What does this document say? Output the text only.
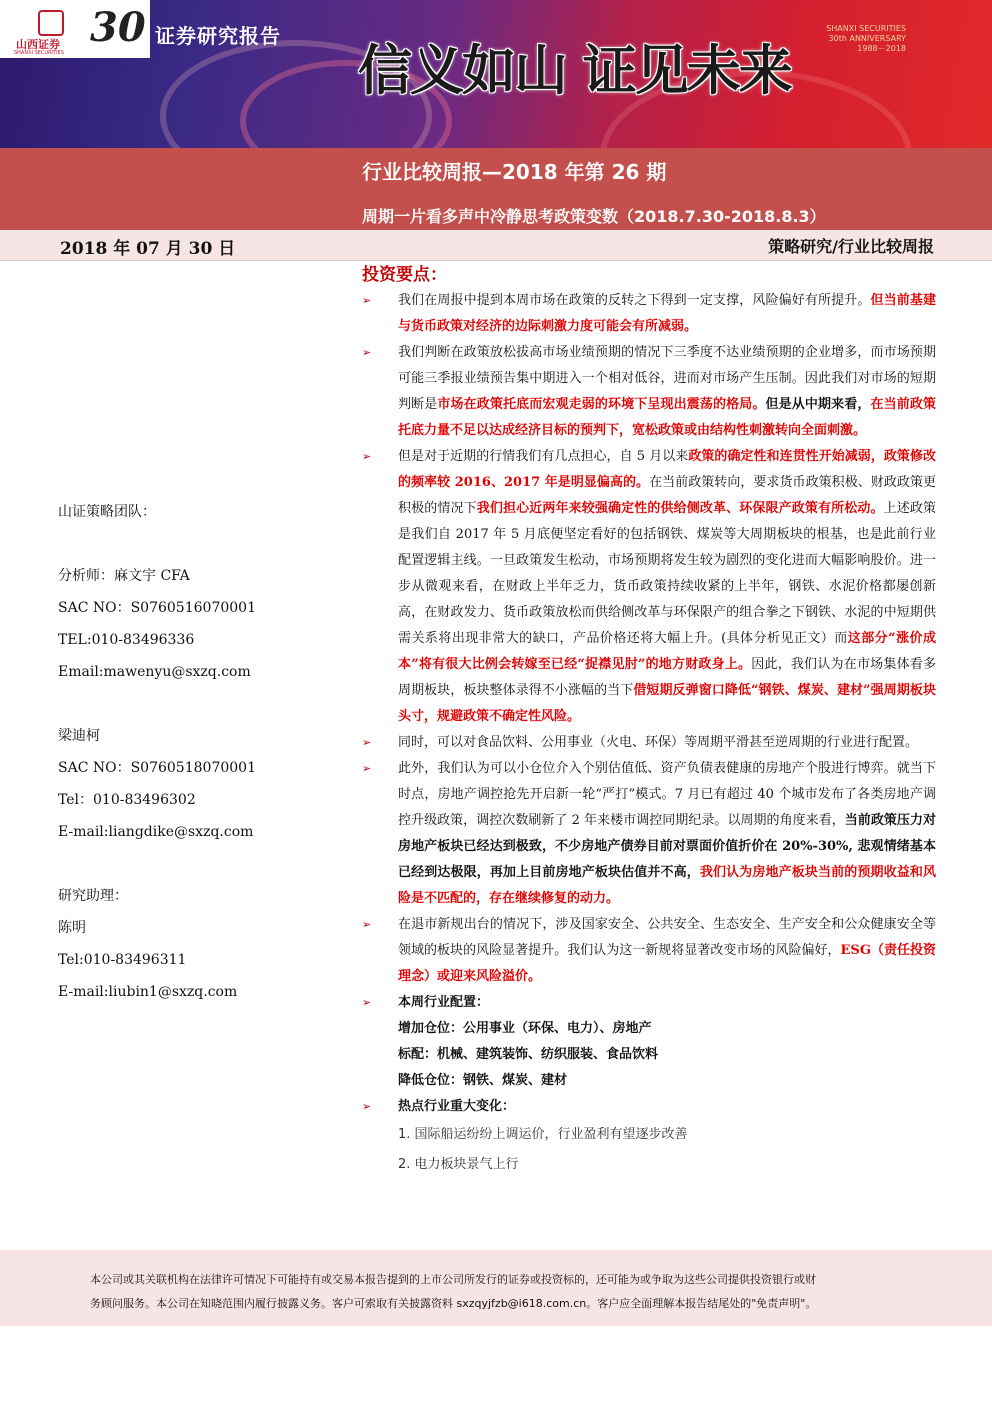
山西证券
SHANXI SECURITIES
30 证券研究报告
信义如山 证见未来
SHANXI SECURITIES
30th ANNIVERSARY
1988－2018
行业比较周报—2018 年第 26 期
周期一片看多声中冷静思考政策变数（2018.7.30-2018.8.3）
2018 年 07 月 30 日	策略研究/行业比较周报
山证策略团队：
分析师：麻文宇 CFA
SAC NO：S0760516070001
TEL:010-83496336
Email:mawenyu@sxzq.com
梁迪柯
SAC NO：S0760518070001
Tel：010-83496302
E-mail:liangdike@sxzq.com
研究助理：
陈明
Tel:010-83496311
E-mail:liubin1@sxzq.com
投资要点：

➢ 我们在周报中提到本周市场在政策的反转之下得到一定支撑，风险偏好有所提升。但当前基建与货币政策对经济的边际刺激力度可能会有所减弱。

➢ 我们判断在政策放松拔高市场业绩预期的情况下三季度不达业绩预期的企业增多，而市场预期可能三季报业绩预告集中期进入一个相对低谷，进而对市场产生压制。因此我们对市场的短期判断是市场在政策托底而宏观走弱的环境下呈现出震荡的格局。但是从中期来看，在当前政策托底力量不足以达成经济目标的预判下，宽松政策或由结构性刺激转向全面刺激。

➢ 但是对于近期的行情我们有几点担心，自 5 月以来政策的确定性和连贯性开始减弱，政策修改的频率较 2016、2017 年是明显偏高的。在当前政策转向，要求货币政策积极、财政政策更积极的情况下我们担心近两年来较强确定性的供给侧改革、环保限产政策有所松动。上述政策是我们自 2017 年 5 月底便坚定看好的包括钢铁、煤炭等大周期板块的根基，也是此前行业配置逻辑主线。一旦政策发生松动，市场预期将发生较为剧烈的变化进而大幅影响股价。进一步从微观来看，在财政上半年乏力，货币政策持续收紧的上半年，钢铁、水泥价格都屡创新高，在财政发力、货币政策放松而供给侧改革与环保限产的组合拳之下钢铁、水泥的中短期供需关系将出现非常大的缺口，产品价格还将大幅上升。(具体分析见正文）而这部分“涨价成本”将有很大比例会转嫁至已经“捉襟见肘”的地方财政身上。因此，我们认为在市场集体看多周期板块，板块整体录得不小涨幅的当下借短期反弹窗口降低“钢铁、煤炭、建材”强周期板块头寸，规避政策不确定性风险。

➢ 同时，可以对食品饮料、公用事业（火电、环保）等周期平滑甚至逆周期的行业进行配置。

➢ 此外，我们认为可以小仓位介入个别估值低、资产负债表健康的房地产个股进行博弈。就当下时点，房地产调控抢先开启新一轮“严打”模式。7 月已有超过 40 个城市发布了各类房地产调控升级政策，调控次数刷新了 2 年来楼市调控同期纪录。以周期的角度来看，当前政策压力对房地产板块已经达到极致，不少房地产债券目前对票面价值折价在 20%-30%, 悲观情绪基本已经到达极限，再加上目前房地产板块估值并不高，我们认为房地产板块当前的预期收益和风险是不匹配的，存在继续修复的动力。

➢ 在退市新规出台的情况下，涉及国家安全、公共安全、生态安全、生产安全和公众健康安全等领域的板块的风险显著提升。我们认为这一新规将显著改变市场的风险偏好，ESG（责任投资理念）或迎来风险溢价。

➢ 本周行业配置：
增加仓位：公用事业（环保、电力）、房地产
标配：机械、建筑装饰、纺织服装、食品饮料
降低仓位：钢铁、煤炭、建材
➢ 热点行业重大变化：
1. 国际船运纷纷上调运价，行业盈利有望逐步改善
2. 电力板块景气上行
本公司或其关联机构在法律许可情况下可能持有或交易本报告提到的上市公司所发行的证券或投资标的，还可能为或争取为这些公司提供投资银行或财
务顾问服务。本公司在知晓范围内履行披露义务。客户可索取有关披露资料 sxzqyjfzb@i618.com.cn。客户应全面理解本报告结尾处的"免责声明"。
